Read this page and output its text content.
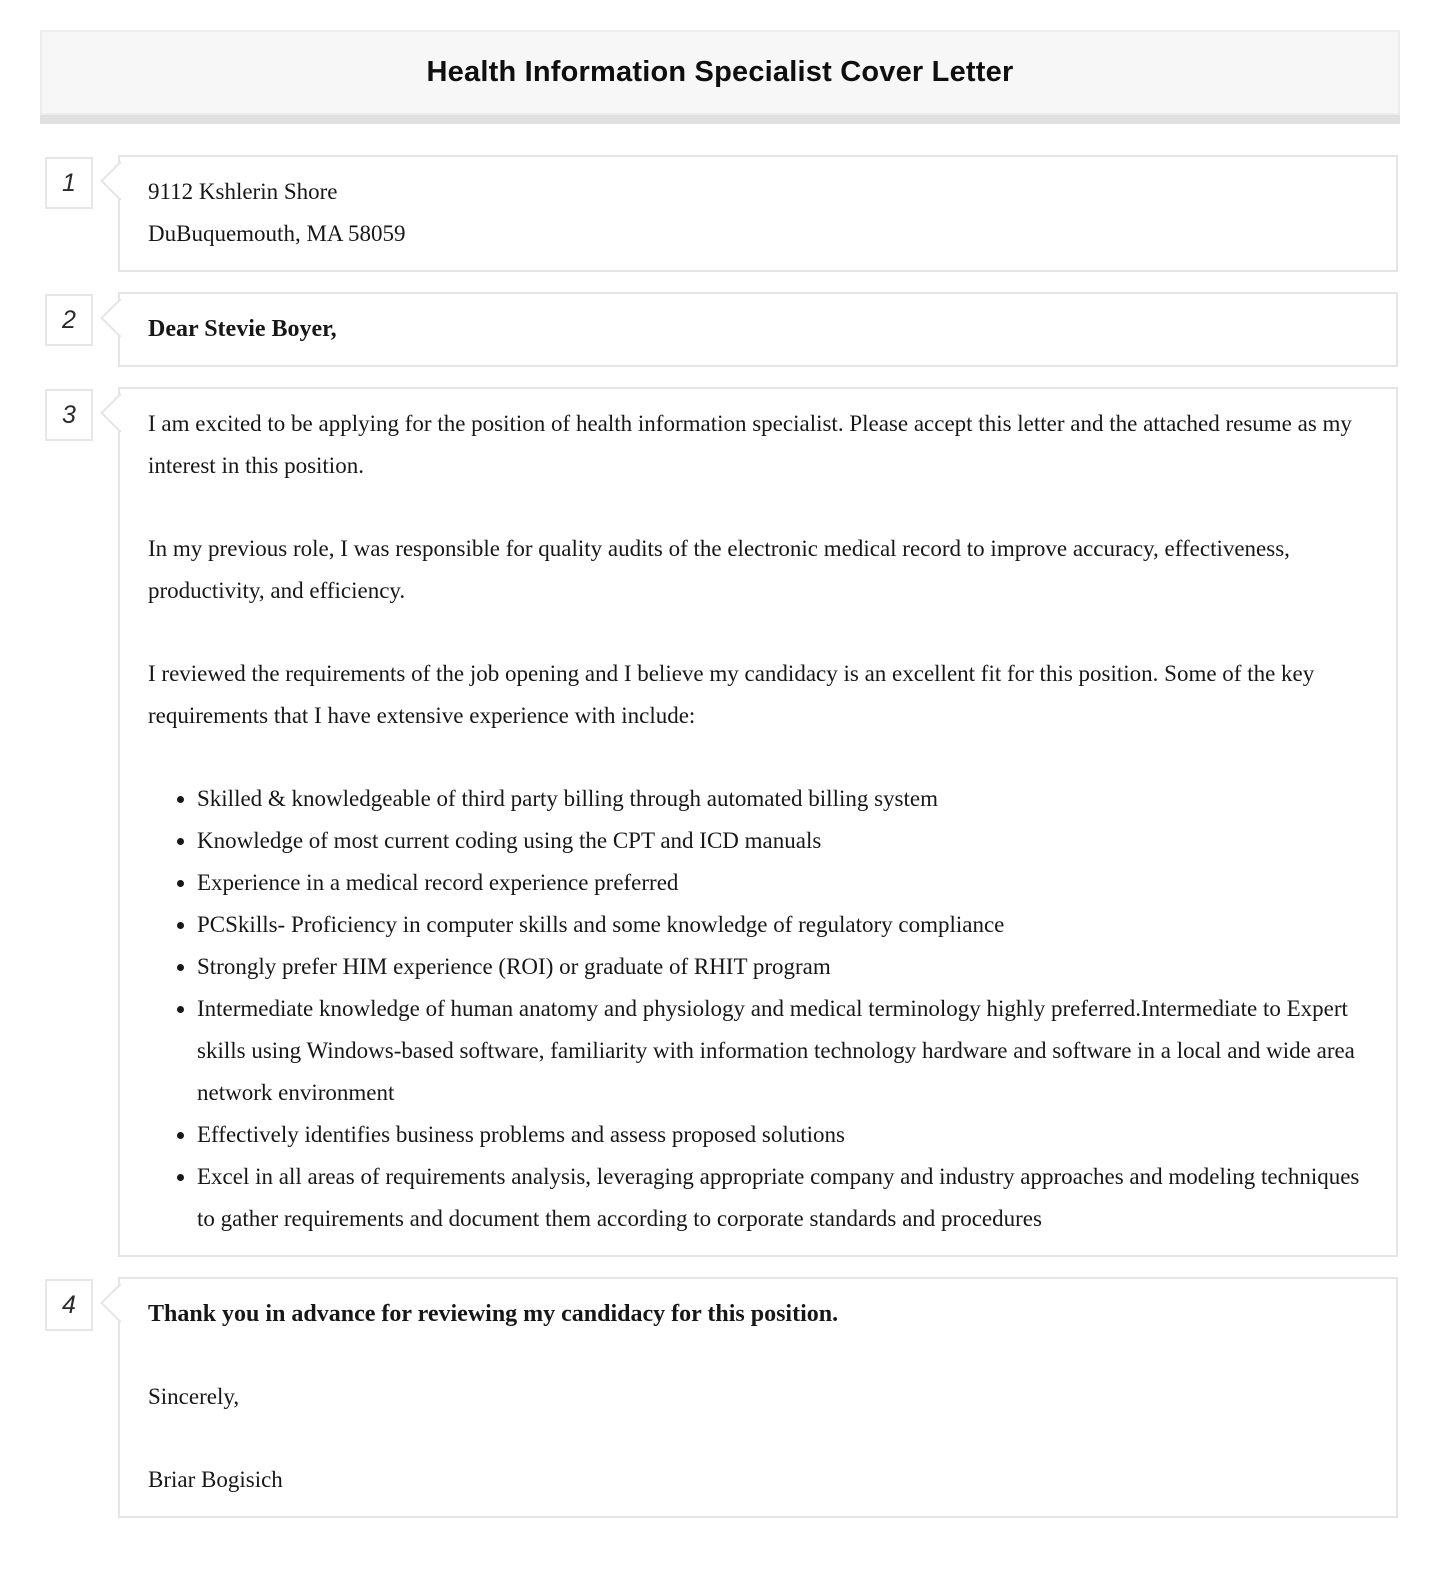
Health Information Specialist Cover Letter
1	9112 Kshlerin Shore
DuBuquemouth, MA 58059

2	Dear Stevie Boyer,

3	I am excited to be applying for the position of health information specialist. Please accept this letter and the attached resume as my interest in this position.

In my previous role, I was responsible for quality audits of the electronic medical record to improve accuracy, effectiveness, productivity, and efficiency.

I reviewed the requirements of the job opening and I believe my candidacy is an excellent fit for this position. Some of the key requirements that I have extensive experience with include:

• Skilled & knowledgeable of third party billing through automated billing system
• Knowledge of most current coding using the CPT and ICD manuals
• Experience in a medical record experience preferred
• PCSkills- Proficiency in computer skills and some knowledge of regulatory compliance
• Strongly prefer HIM experience (ROI) or graduate of RHIT program
• Intermediate knowledge of human anatomy and physiology and medical terminology highly preferred.Intermediate to Expert skills using Windows-based software, familiarity with information technology hardware and software in a local and wide area network environment
• Effectively identifies business problems and assess proposed solutions
• Excel in all areas of requirements analysis, leveraging appropriate company and industry approaches and modeling techniques to gather requirements and document them according to corporate standards and procedures
4	Thank you in advance for reviewing my candidacy for this position.

Sincerely,

Briar Bogisich
